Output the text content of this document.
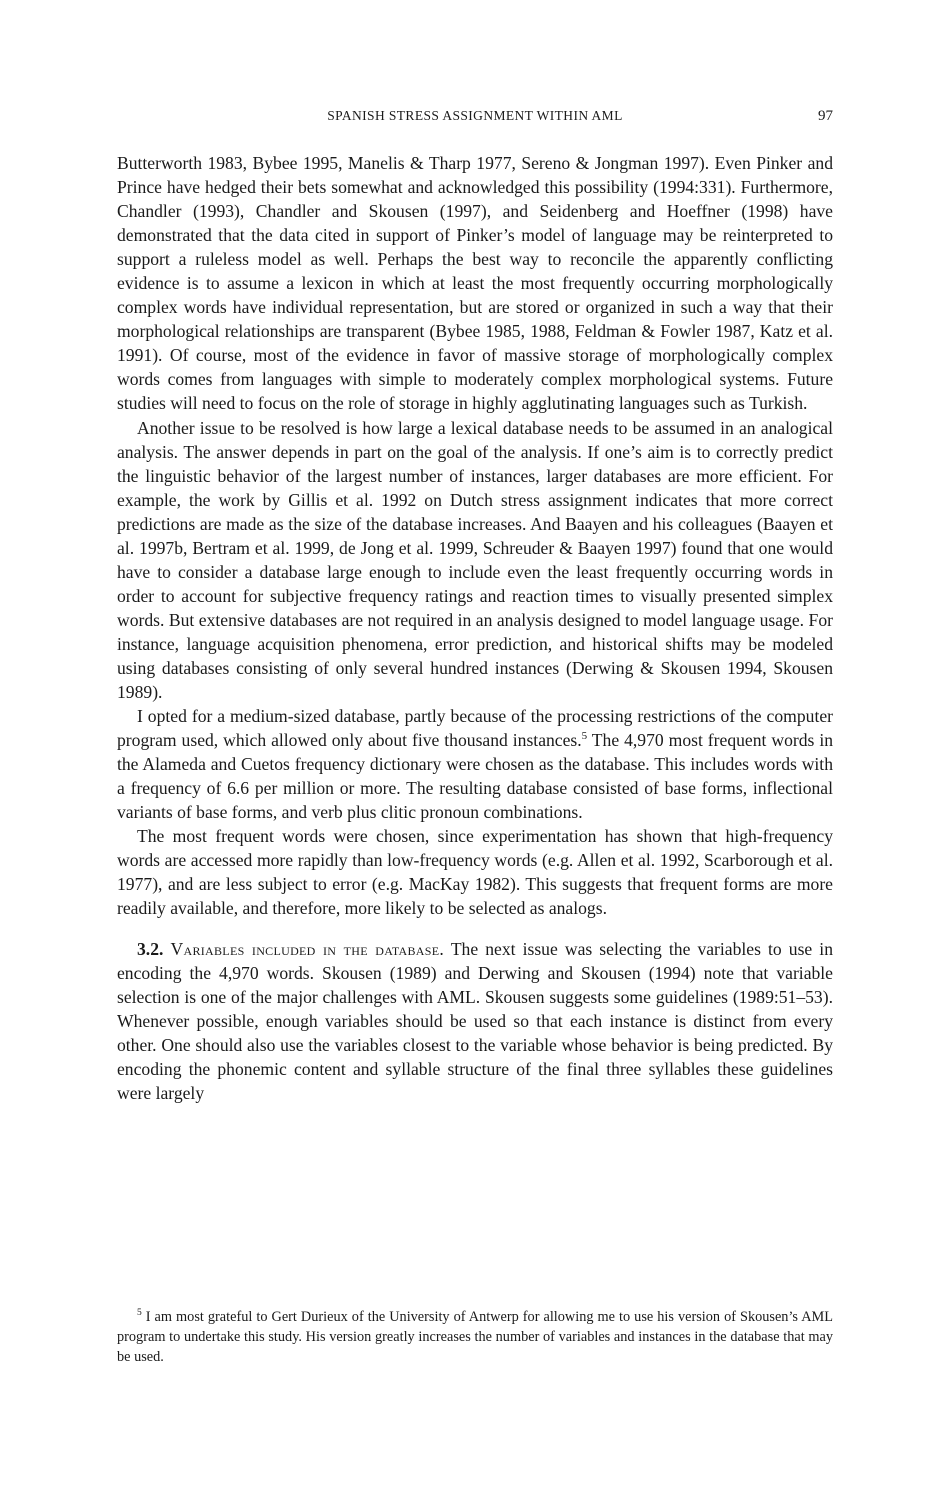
SPANISH STRESS ASSIGNMENT WITHIN AML	97

Butterworth 1983, Bybee 1995, Manelis & Tharp 1977, Sereno & Jongman 1997). Even Pinker and Prince have hedged their bets somewhat and acknowledged this possibility (1994:331). Furthermore, Chandler (1993), Chandler and Skousen (1997), and Seidenberg and Hoeffner (1998) have demonstrated that the data cited in support of Pinker’s model of language may be reinterpreted to support a ruleless model as well. Perhaps the best way to reconcile the apparently conflicting evidence is to assume a lexicon in which at least the most frequently occurring morphologically complex words have individual representation, but are stored or organized in such a way that their morphological relationships are transparent (Bybee 1985, 1988, Feldman & Fowler 1987, Katz et al. 1991). Of course, most of the evidence in favor of massive storage of morphologically complex words comes from languages with simple to moderately complex morphological systems. Future studies will need to focus on the role of storage in highly agglutinating languages such as Turkish.

Another issue to be resolved is how large a lexical database needs to be assumed in an analogical analysis. The answer depends in part on the goal of the analysis. If one’s aim is to correctly predict the linguistic behavior of the largest number of instances, larger databases are more efficient. For example, the work by Gillis et al. 1992 on Dutch stress assignment indicates that more correct predictions are made as the size of the database increases. And Baayen and his colleagues (Baayen et al. 1997b, Bertram et al. 1999, de Jong et al. 1999, Schreuder & Baayen 1997) found that one would have to consider a database large enough to include even the least frequently occurring words in order to account for subjective frequency ratings and reaction times to visually presented simplex words. But extensive databases are not required in an analysis designed to model language usage. For instance, language acquisition phenomena, error prediction, and historical shifts may be modeled using databases consisting of only several hundred instances (Derwing & Skousen 1994, Skousen 1989).

I opted for a medium-sized database, partly because of the processing restrictions of the computer program used, which allowed only about five thousand instances.$^5$ The 4,970 most frequent words in the Alameda and Cuetos frequency dictionary were chosen as the database. This includes words with a frequency of 6.6 per million or more. The resulting database consisted of base forms, inflectional variants of base forms, and verb plus clitic pronoun combinations.

The most frequent words were chosen, since experimentation has shown that high-frequency words are accessed more rapidly than low-frequency words (e.g. Allen et al. 1992, Scarborough et al. 1977), and are less subject to error (e.g. MacKay 1982). This suggests that frequent forms are more readily available, and therefore, more likely to be selected as analogs.

3.2. Variables included in the database. The next issue was selecting the variables to use in encoding the 4,970 words. Skousen (1989) and Derwing and Skousen (1994) note that variable selection is one of the major challenges with AML. Skousen suggests some guidelines (1989:51–53). Whenever possible, enough variables should be used so that each instance is distinct from every other. One should also use the variables closest to the variable whose behavior is being predicted. By encoding the phonemic content and syllable structure of the final three syllables these guidelines were largely

$^5$ I am most grateful to Gert Durieux of the University of Antwerp for allowing me to use his version of Skousen’s AML program to undertake this study. His version greatly increases the number of variables and instances in the database that may be used.
